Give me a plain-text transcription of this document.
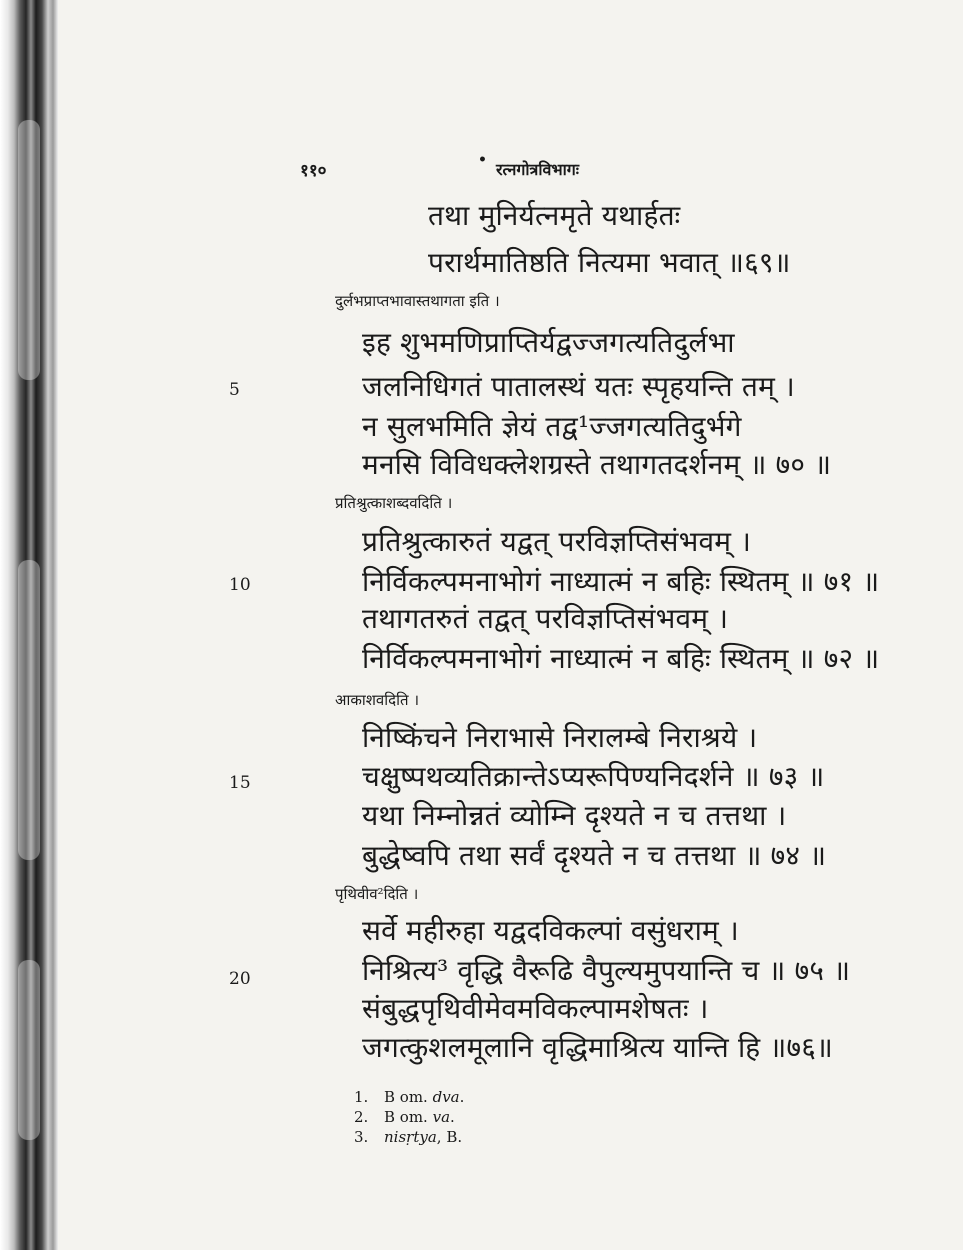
११०
• रत्नगोत्रविभागः
तथा मुनिर्यत्नमृते यथार्हतः
परार्थमातिष्ठति नित्यमा भवात् ॥६९॥
दुर्लभप्राप्तभावास्तथागता इति ।
इह शुभमणिप्राप्तिर्यद्वज्जगत्यतिदुर्लभा
जलनिधिगतं पातालस्थं यतः स्पृहयन्ति तम् ।
न सुलभमिति ज्ञेयं तद्व¹ज्जगत्यतिदुर्भगे
मनसि विविधक्लेशग्रस्ते तथागतदर्शनम् ॥ ७० ॥
5
प्रतिश्रुत्काशब्दवदिति ।
प्रतिश्रुत्कारुतं यद्वत् परविज्ञप्तिसंभवम् ।
निर्विकल्पमनाभोगं नाध्यात्मं न बहिः स्थितम् ॥ ७१ ॥
तथागतरुतं तद्वत् परविज्ञप्तिसंभवम् ।
निर्विकल्पमनाभोगं नाध्यात्मं न बहिः स्थितम् ॥ ७२ ॥
10
आकाशवदिति ।
निष्किंचने निराभासे निरालम्बे निराश्रये ।
चक्षुष्पथव्यतिक्रान्तेऽप्यरूपिण्यनिदर्शने ॥ ७३ ॥
यथा निम्नोन्नतं व्योम्नि दृश्यते न च तत्तथा ।
बुद्धेष्वपि तथा सर्वं दृश्यते न च तत्तथा ॥ ७४ ॥
15
पृथिवीव²दिति ।
सर्वे महीरुहा यद्वदविकल्पां वसुंधराम् ।
निश्रित्य³ वृद्धि वैरूढि वैपुल्यमुपयान्ति च ॥ ७५ ॥
संबुद्धपृथिवीमेवमविकल्पामशेषतः ।
जगत्कुशलमूलानि वृद्धिमाश्रित्य यान्ति हि ॥७६॥
20
1. B om. dva.
2. B om. va.
3. nisṛtya, B.
